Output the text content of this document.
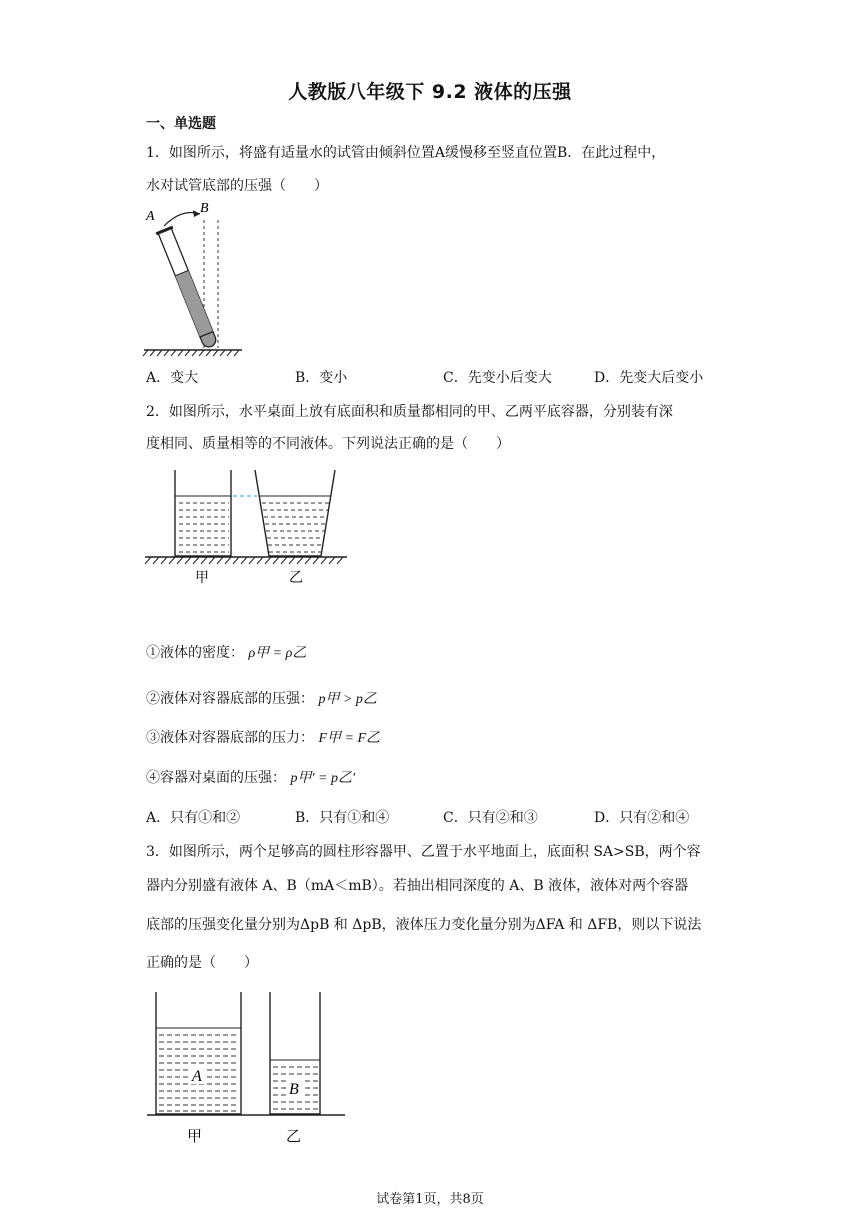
人教版八年级下 9.2 液体的压强
一、单选题
1．如图所示，将盛有适量水的试管由倾斜位置A缓慢移至竖直位置B．在此过程中，
水对试管底部的压强（　　）
A
B
A．变大	B．变小	C．先变小后变大	D．先变大后变小
2．如图所示，水平桌面上放有底面积和质量都相同的甲、乙两平底容器，分别装有深
度相同、质量相等的不同液体。下列说法正确的是（　　）
甲	乙
①液体的密度： ρ甲 = ρ乙
②液体对容器底部的压强： p甲 > p乙
③液体对容器底部的压力： F甲 = F乙
④容器对桌面的压强： p甲′ = p乙′
A．只有①和②	B．只有①和④	C．只有②和③	D．只有②和④
3．如图所示，两个足够高的圆柱形容器甲、乙置于水平地面上，底面积 SA>SB，两个容
器内分别盛有液体 A、B（mA＜mB）。若抽出相同深度的 A、B 液体，液体对两个容器
底部的压强变化量分别为ΔpB 和 ΔpB，液体压力变化量分别为ΔFA 和 ΔFB，则以下说法
正确的是（　　）
A
B
甲	乙
试卷第1页，共8页
